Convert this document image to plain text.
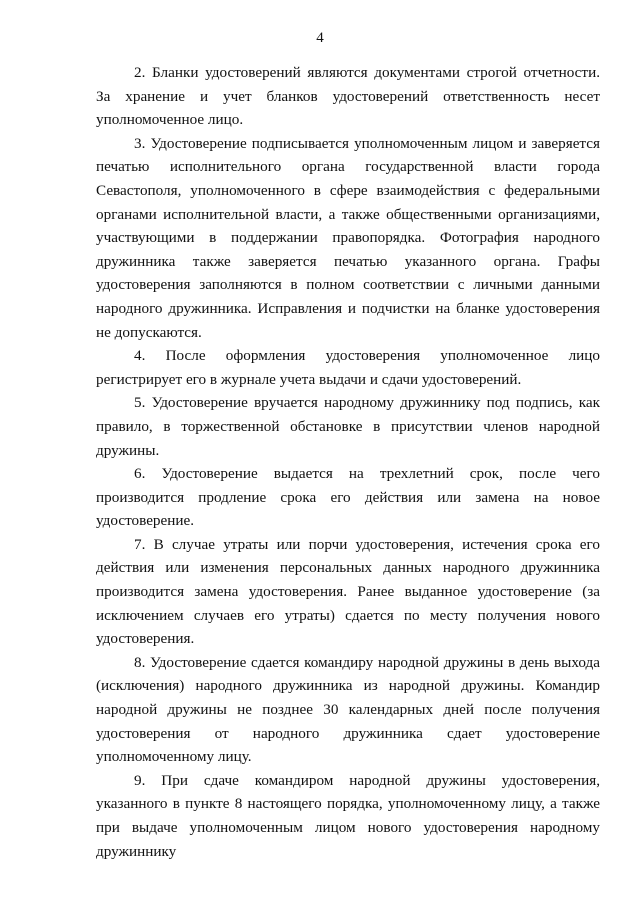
4

2. Бланки удостоверений являются документами строгой отчетности. За хранение и учет бланков удостоверений ответственность несет уполномоченное лицо.

3. Удостоверение подписывается уполномоченным лицом и заверяется печатью исполнительного органа государственной власти города Севастополя, уполномоченного в сфере взаимодействия с федеральными органами исполнительной власти, а также общественными организациями, участвующими в поддержании правопорядка. Фотография народного дружинника также заверяется печатью указанного органа. Графы удостоверения заполняются в полном соответствии с личными данными народного дружинника. Исправления и подчистки на бланке удостоверения не допускаются.

4. После оформления удостоверения уполномоченное лицо регистрирует его в журнале учета выдачи и сдачи удостоверений.

5. Удостоверение вручается народному дружиннику под подпись, как правило, в торжественной обстановке в присутствии членов народной дружины.

6. Удостоверение выдается на трехлетний срок, после чего производится продление срока его действия или замена на новое удостоверение.

7. В случае утраты или порчи удостоверения, истечения срока его действия или изменения персональных данных народного дружинника производится замена удостоверения. Ранее выданное удостоверение (за исключением случаев его утраты) сдается по месту получения нового удостоверения.

8. Удостоверение сдается командиру народной дружины в день выхода (исключения) народного дружинника из народной дружины. Командир народной дружины не позднее 30 календарных дней после получения удостоверения от народного дружинника сдает удостоверение уполномоченному лицу.

9. При сдаче командиром народной дружины удостоверения, указанного в пункте 8 настоящего порядка, уполномоченному лицу, а также при выдаче уполномоченным лицом нового удостоверения народному дружиннику
